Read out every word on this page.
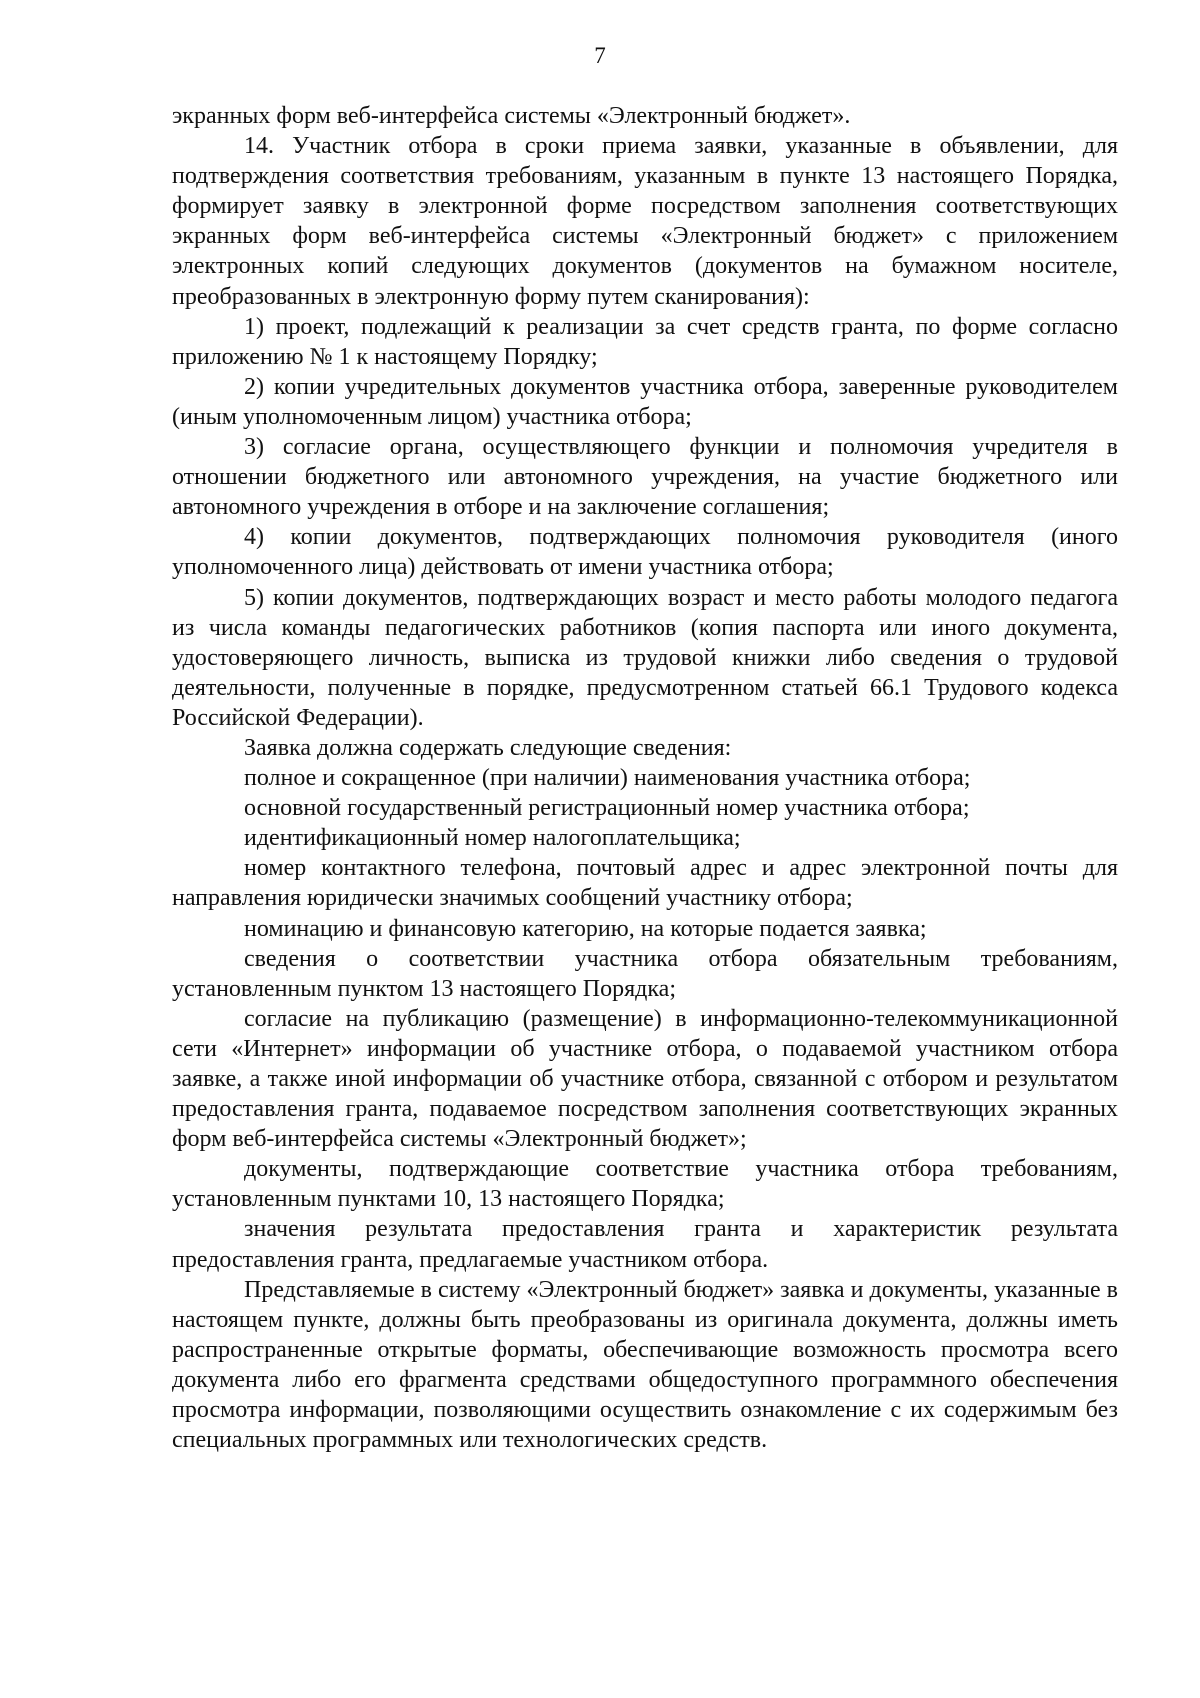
7

экранных форм веб-интерфейса системы «Электронный бюджет».

14. Участник отбора в сроки приема заявки, указанные в объявлении, для подтверждения соответствия требованиям, указанным в пункте 13 настоящего Порядка, формирует заявку в электронной форме посредством заполнения соответствующих экранных форм веб-интерфейса системы «Электронный бюджет» с приложением электронных копий следующих документов (документов на бумажном носителе, преобразованных в электронную форму путем сканирования):

1) проект, подлежащий к реализации за счет средств гранта, по форме согласно приложению № 1 к настоящему Порядку;

2) копии учредительных документов участника отбора, заверенные руководителем (иным уполномоченным лицом) участника отбора;

3) согласие органа, осуществляющего функции и полномочия учредителя в отношении бюджетного или автономного учреждения, на участие бюджетного или автономного учреждения в отборе и на заключение соглашения;

4) копии документов, подтверждающих полномочия руководителя (иного уполномоченного лица) действовать от имени участника отбора;

5) копии документов, подтверждающих возраст и место работы молодого педагога из числа команды педагогических работников (копия паспорта или иного документа, удостоверяющего личность, выписка из трудовой книжки либо сведения о трудовой деятельности, полученные в порядке, предусмотренном статьей 66.1 Трудового кодекса Российской Федерации).

Заявка должна содержать следующие сведения:

полное и сокращенное (при наличии) наименования участника отбора;

основной государственный регистрационный номер участника отбора;

идентификационный номер налогоплательщика;

номер контактного телефона, почтовый адрес и адрес электронной почты для направления юридически значимых сообщений участнику отбора;

номинацию и финансовую категорию, на которые подается заявка;

сведения о соответствии участника отбора обязательным требованиям, установленным пунктом 13 настоящего Порядка;

согласие на публикацию (размещение) в информационно-телекоммуникационной сети «Интернет» информации об участнике отбора, о подаваемой участником отбора заявке, а также иной информации об участнике отбора, связанной с отбором и результатом предоставления гранта, подаваемое посредством заполнения соответствующих экранных форм веб-интерфейса системы «Электронный бюджет»;

документы, подтверждающие соответствие участника отбора требованиям, установленным пунктами 10, 13 настоящего Порядка;

значения результата предоставления гранта и характеристик результата предоставления гранта, предлагаемые участником отбора.

Представляемые в систему «Электронный бюджет» заявка и документы, указанные в настоящем пункте, должны быть преобразованы из оригинала документа, должны иметь распространенные открытые форматы, обеспечивающие возможность просмотра всего документа либо его фрагмента средствами общедоступного программного обеспечения просмотра информации, позволяющими осуществить ознакомление с их содержимым без специальных программных или технологических средств.
